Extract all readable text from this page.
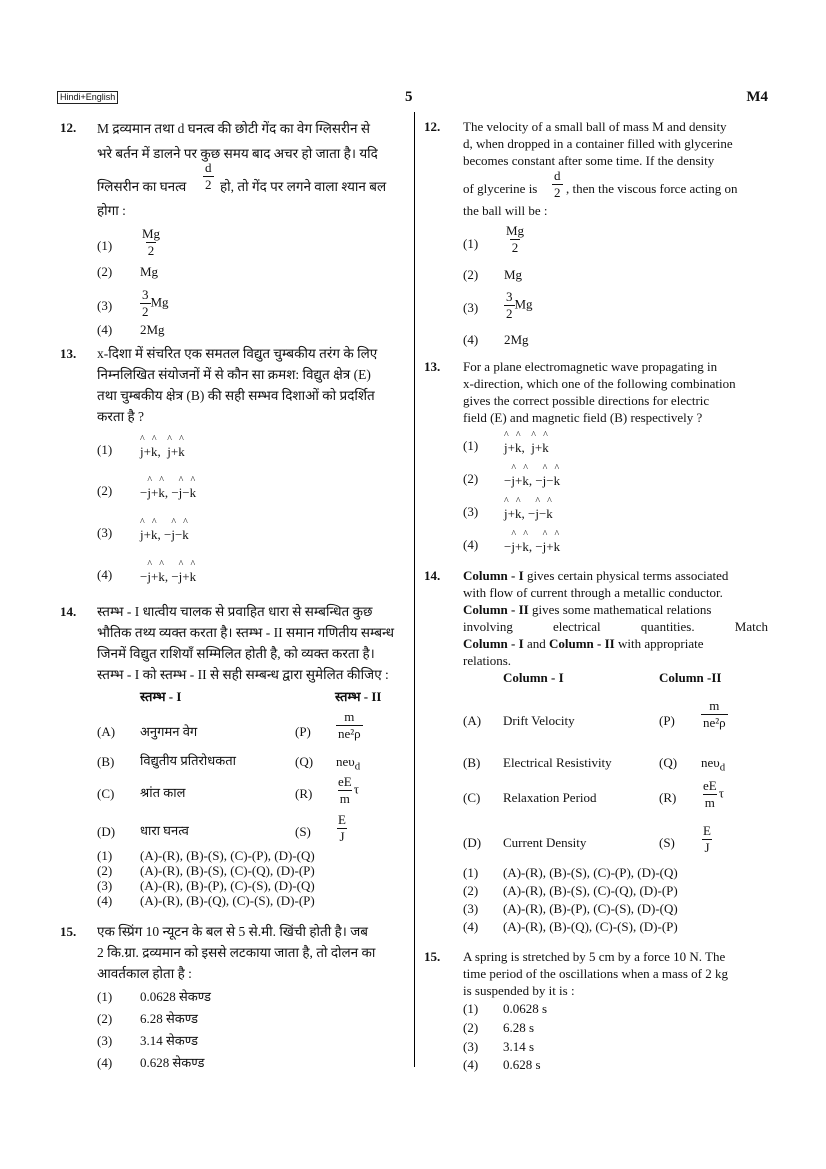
Hindi+English	5	M4
12. M द्रव्यमान तथा d घनत्व की छोटी गेंद का वेग ग्लिसरीन से
भरे बर्तन में डालने पर कुछ समय बाद अचर हो जाता है। यदि
ग्लिसरीन का घनत्व $\frac{d}{2}$ हो, तो गेंद पर लगने वाला श्यान बल
होगा :
$(1) \frac{Mg}{2}$
(2) Mg
$(3) \frac{3}{2}$ Mg
(4) 2Mg
13. x-दिशा में संचरित एक समतल विद्युत चुम्बकीय तरंग के लिए
निम्नलिखित संयोजनों में से कौन सा क्रमश: विद्युत क्षेत्र (E)
तथा चुम्बकीय क्षेत्र (B) की सही सम्भव दिशाओं को प्रदर्शित
करता है ?
(1) ^ j+^ k,  ^ j+^ k
(2) −^ j+^ k, −^ j−^ k
(3) ^ j+^ k, −^ j−^ k
(4) −^ j+^ k, −^ j+^ k
14. स्तम्भ - I धात्वीय चालक से प्रवाहित धारा से सम्बन्धित कुछ
भौतिक तथ्य व्यक्त करता है। स्तम्भ - II समान गणितीय सम्बन्ध
जिनमें विद्युत राशियाँ सम्मिलित होती है, को व्यक्त करता है।
स्तम्भ - I को स्तम्भ - II से सही सम्बन्ध द्वारा सुमेलित कीजिए :
स्तम्भ - I	स्तम्भ - II
(A) अनुगमन वेग	$(P) \frac{m}{\text{ne²ρ}}$
(B) विद्युतीय प्रतिरोधकता	(Q) neυ$_d$
(C) श्रांत काल	$(R) \frac{eE}{m}$ τ
(D) धारा घनत्व	$(S) \frac{E}{J}$
(1) (A)-(R), (B)-(S), (C)-(P), (D)-(Q)
(2) (A)-(R), (B)-(S), (C)-(Q), (D)-(P)
(3) (A)-(R), (B)-(P), (C)-(S), (D)-(Q)
(4) (A)-(R), (B)-(Q), (C)-(S), (D)-(P)
15. एक स्प्रिंग 10 न्यूटन के बल से 5 से.मी. खिंची होती है। जब
2 कि.ग्रा. द्रव्यमान को इससे लटकाया जाता है, तो दोलन का
आवर्तकाल होता है :
(1) 0.0628 सेकण्ड
(2) 6.28 सेकण्ड
(3) 3.14 सेकण्ड
(4) 0.628 सेकण्ड
12. The velocity of a small ball of mass M and density
d, when dropped in a container filled with glycerine
becomes constant after some time. If the density
of glycerine is $\frac{d}{2}$ , then the viscous force acting on
the ball will be :
$(1) \frac{Mg}{2}$
(2) Mg
$(3) \frac{3}{2}$ Mg
(4) 2Mg
13. For a plane electromagnetic wave propagating in
x-direction, which one of the following combination
gives the correct possible directions for electric
field (E) and magnetic field (B) respectively ?
(1) ^ j+^ k,  ^ j+^ k
(2) −^ j+^ k, −^ j−^ k
(3) ^ j+^ k, −^ j−^ k
(4) −^ j+^ k, −^ j+^ k
14. Column - I gives certain physical terms associated
with flow of current through a metallic conductor.
Column - II gives some mathematical relations
involving electrical quantities. Match
Column - I and Column - II with appropriate
relations.
Column - I	Column -II
(A) Drift Velocity	$(P) \frac{m}{\text{ne²ρ}}$
(B) Electrical Resistivity	(Q) neυ$_d$
(C) Relaxation Period	$(R) \frac{eE}{m}$ τ
(D) Current Density	$(S) \frac{E}{J}$
(1) (A)-(R), (B)-(S), (C)-(P), (D)-(Q)
(2) (A)-(R), (B)-(S), (C)-(Q), (D)-(P)
(3) (A)-(R), (B)-(P), (C)-(S), (D)-(Q)
(4) (A)-(R), (B)-(Q), (C)-(S), (D)-(P)
15. A spring is stretched by 5 cm by a force 10 N. The
time period of the oscillations when a mass of 2 kg
is suspended by it is :
(1) 0.0628 s
(2) 6.28 s
(3) 3.14 s
(4) 0.628 s
